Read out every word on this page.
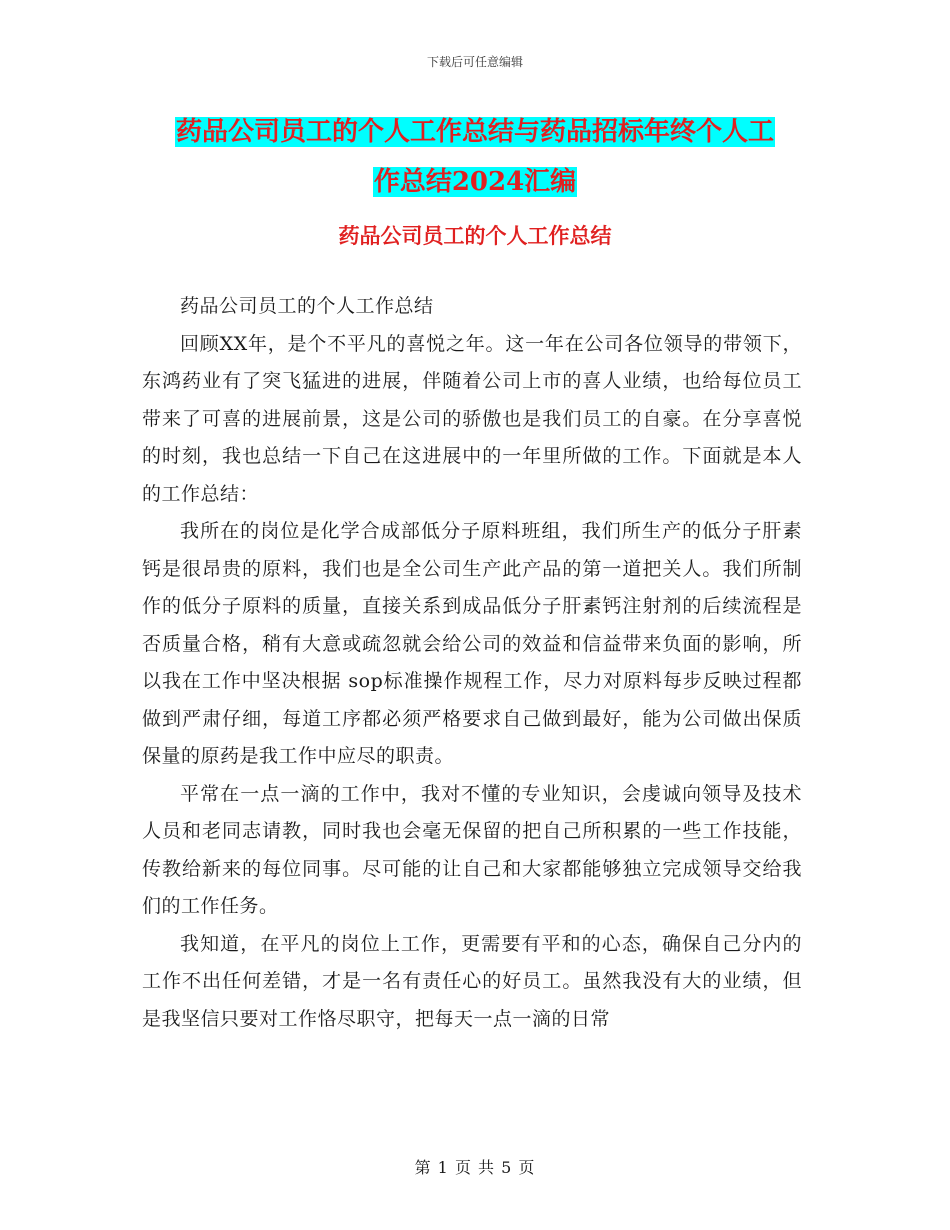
下载后可任意编辑
药品公司员工的个人工作总结与药品招标年终个人工
作总结2024汇编
药品公司员工的个人工作总结

药品公司员工的个人工作总结

回顾XX年，是个不平凡的喜悦之年。这一年在公司各位领导的带领下，东鸿药业有了突飞猛进的进展，伴随着公司上市的喜人业绩，也给每位员工带来了可喜的进展前景，这是公司的骄傲也是我们员工的自豪。在分享喜悦的时刻，我也总结一下自己在这进展中的一年里所做的工作。下面就是本人的工作总结：

我所在的岗位是化学合成部低分子原料班组，我们所生产的低分子肝素钙是很昂贵的原料，我们也是全公司生产此产品的第一道把关人。我们所制作的低分子原料的质量，直接关系到成品低分子肝素钙注射剂的后续流程是否质量合格，稍有大意或疏忽就会给公司的效益和信益带来负面的影响，所以我在工作中坚决根据 sop标准操作规程工作，尽力对原料每步反映过程都做到严肃仔细，每道工序都必须严格要求自己做到最好，能为公司做出保质保量的原药是我工作中应尽的职责。

平常在一点一滴的工作中，我对不懂的专业知识，会虔诚向领导及技术人员和老同志请教，同时我也会毫无保留的把自己所积累的一些工作技能，传教给新来的每位同事。尽可能的让自己和大家都能够独立完成领导交给我们的工作任务。

我知道，在平凡的岗位上工作，更需要有平和的心态，确保自己分内的工作不出任何差错，才是一名有责任心的好员工。虽然我没有大的业绩，但是我坚信只要对工作恪尽职守，把每天一点一滴的日常

第 1 页 共 5 页
